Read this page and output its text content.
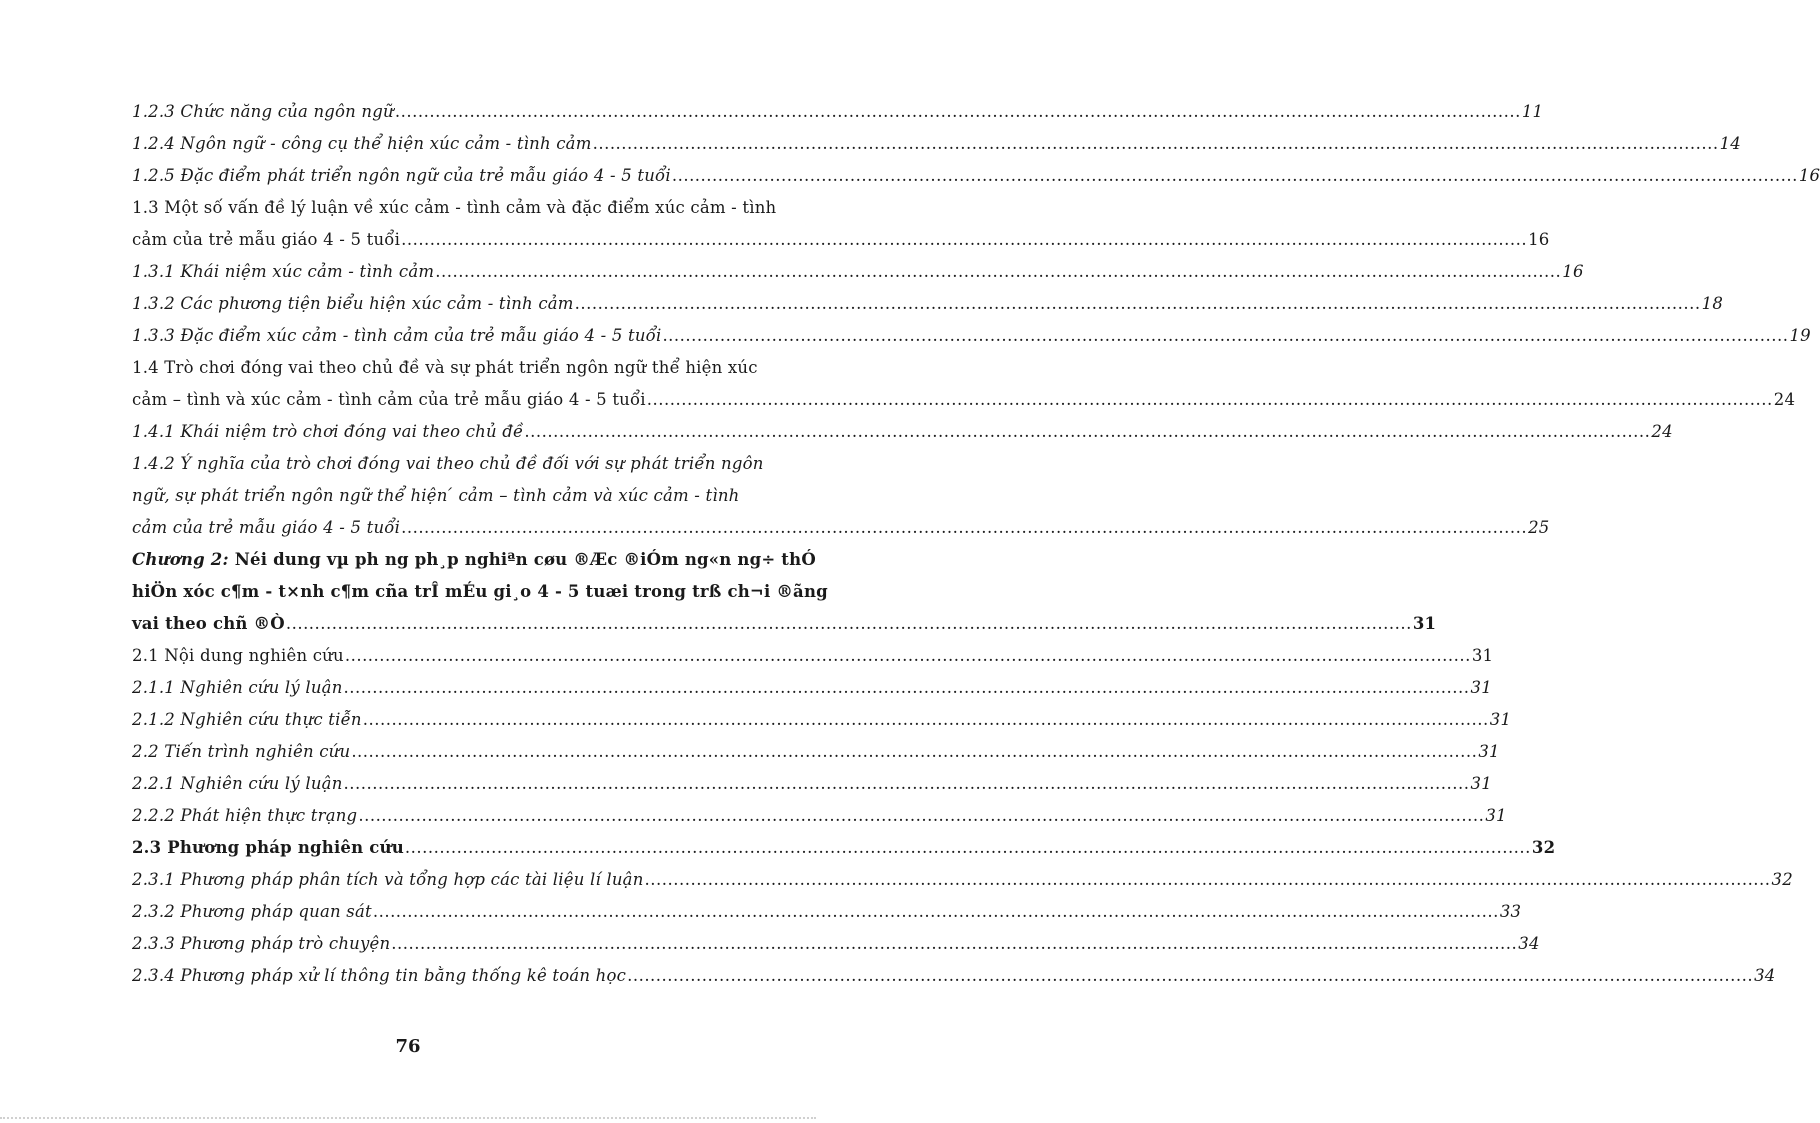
1.2.3 Chức năng của ngôn ngữ .....	11

1.2.4 Ngôn ngữ - công cụ thể hiện xúc cảm - tình cảm .....	14

1.2.5 Đặc điểm phát triển ngôn ngữ của trẻ mẫu giáo 4 - 5 tuổi .....	16

1.3 Một số vấn đề lý luận về xúc cảm - tình cảm và đặc điểm xúc cảm - tình

cảm của trẻ mẫu giáo 4 - 5 tuổi .....	16

1.3.1 Khái niệm xúc cảm - tình cảm .....	16

1.3.2 Các phương tiện biểu hiện xúc cảm - tình cảm .....	18

1.3.3 Đặc điểm xúc cảm - tình cảm của trẻ mẫu giáo 4 - 5 tuổi .....	19

1.4 Trò chơi đóng vai theo chủ đề và sự phát triển ngôn ngữ thể hiện xúc

cảm – tình và xúc cảm - tình cảm của trẻ mẫu giáo 4 - 5 tuổi .....	24

1.4.1 Khái niệm trò chơi đóng vai theo chủ đề .....	24

1.4.2 Ý nghĩa của trò chơi đóng vai theo chủ đề đối với sự phát triển ngôn

ngữ, sự phát triển ngôn ngữ thể hiện ́ cảm – tình cảm và xúc cảm - tình

cảm của trẻ mẫu giáo 4 - 5 tuổi .....	25

Chương 2: Néi dung vµ ph ng ph¸p nghiªn cøu ®Æc ®iÓm ng«n ng÷ thÓ

hiÖn xóc c¶m - t×nh c¶m cña trÎ mÉu gi¸o 4 - 5 tuæi trong trß ch¬i ®ãng

vai theo chñ ®Ò .....	31

2.1 Nội dung nghiên cứu .....	31

2.1.1 Nghiên cứu lý luận .....	31

2.1.2 Nghiên cứu thực tiễn .....	31

2.2 Tiến trình nghiên cứu .....	31

2.2.1 Nghiên cứu lý luận .....	31

2.2.2 Phát hiện thực trạng .....	31

2.3 Phương pháp nghiên cứu .....	32

2.3.1 Phương pháp phân tích và tổng hợp các tài liệu lí luận .....	32

2.3.2 Phương pháp quan sát .....	33

2.3.3 Phương pháp trò chuyện .....	34

2.3.4 Phương pháp xử lí thông tin bằng thống kê toán học .....	34

76
